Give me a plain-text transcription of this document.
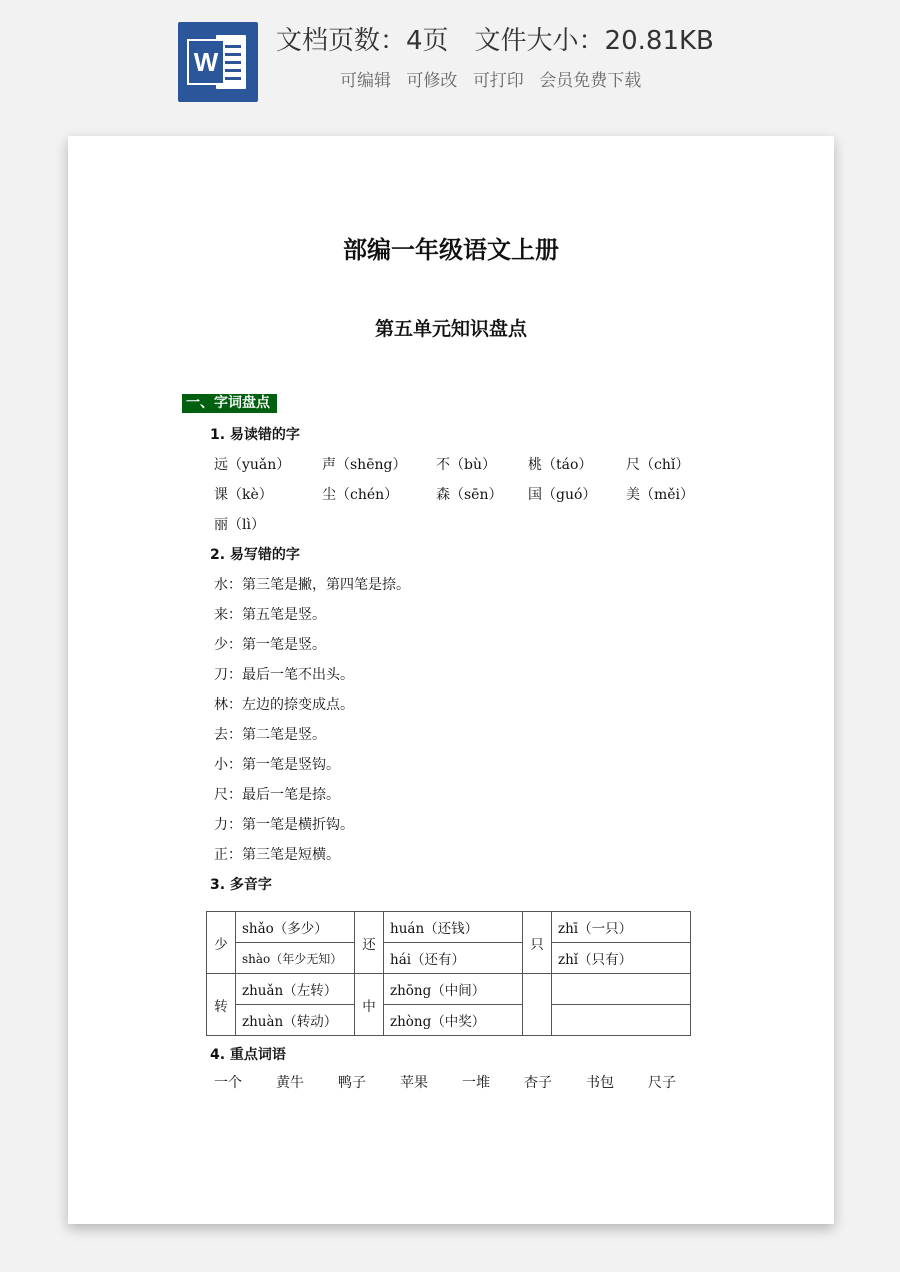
W
文档页数：4页 文件大小：20.81KB
可编辑 可修改 可打印 会员免费下载
部编一年级语文上册
第五单元知识盘点
一、字词盘点
1. 易读错的字
远（yuǎn） 声（shēng） 不（bù） 桃（táo） 尺（chǐ）
课（kè）	尘（chén）	森（sēn） 国（guó） 美（měi）
丽（lì）
2. 易写错的字
水：第三笔是撇，第四笔是捺。
来：第五笔是竖。
少：第一笔是竖。
刀：最后一笔不出头。
林：左边的捺变成点。
去：第二笔是竖。
小：第一笔是竖钩。
尺：最后一笔是捺。
力：第一笔是横折钩。
正：第三笔是短横。
3. 多音字
少	shǎo（多少）	还	huán（还钱）	只	zhī（一只）
	shào（年少无知）		hái（还有）		zhǐ（只有）
转	zhuǎn（左转）	中	zhōng（中间）		
	zhuàn（转动）		zhòng（中奖）		
4. 重点词语
一个 黄牛 鸭子 苹果 一堆 杏子 书包 尺子
